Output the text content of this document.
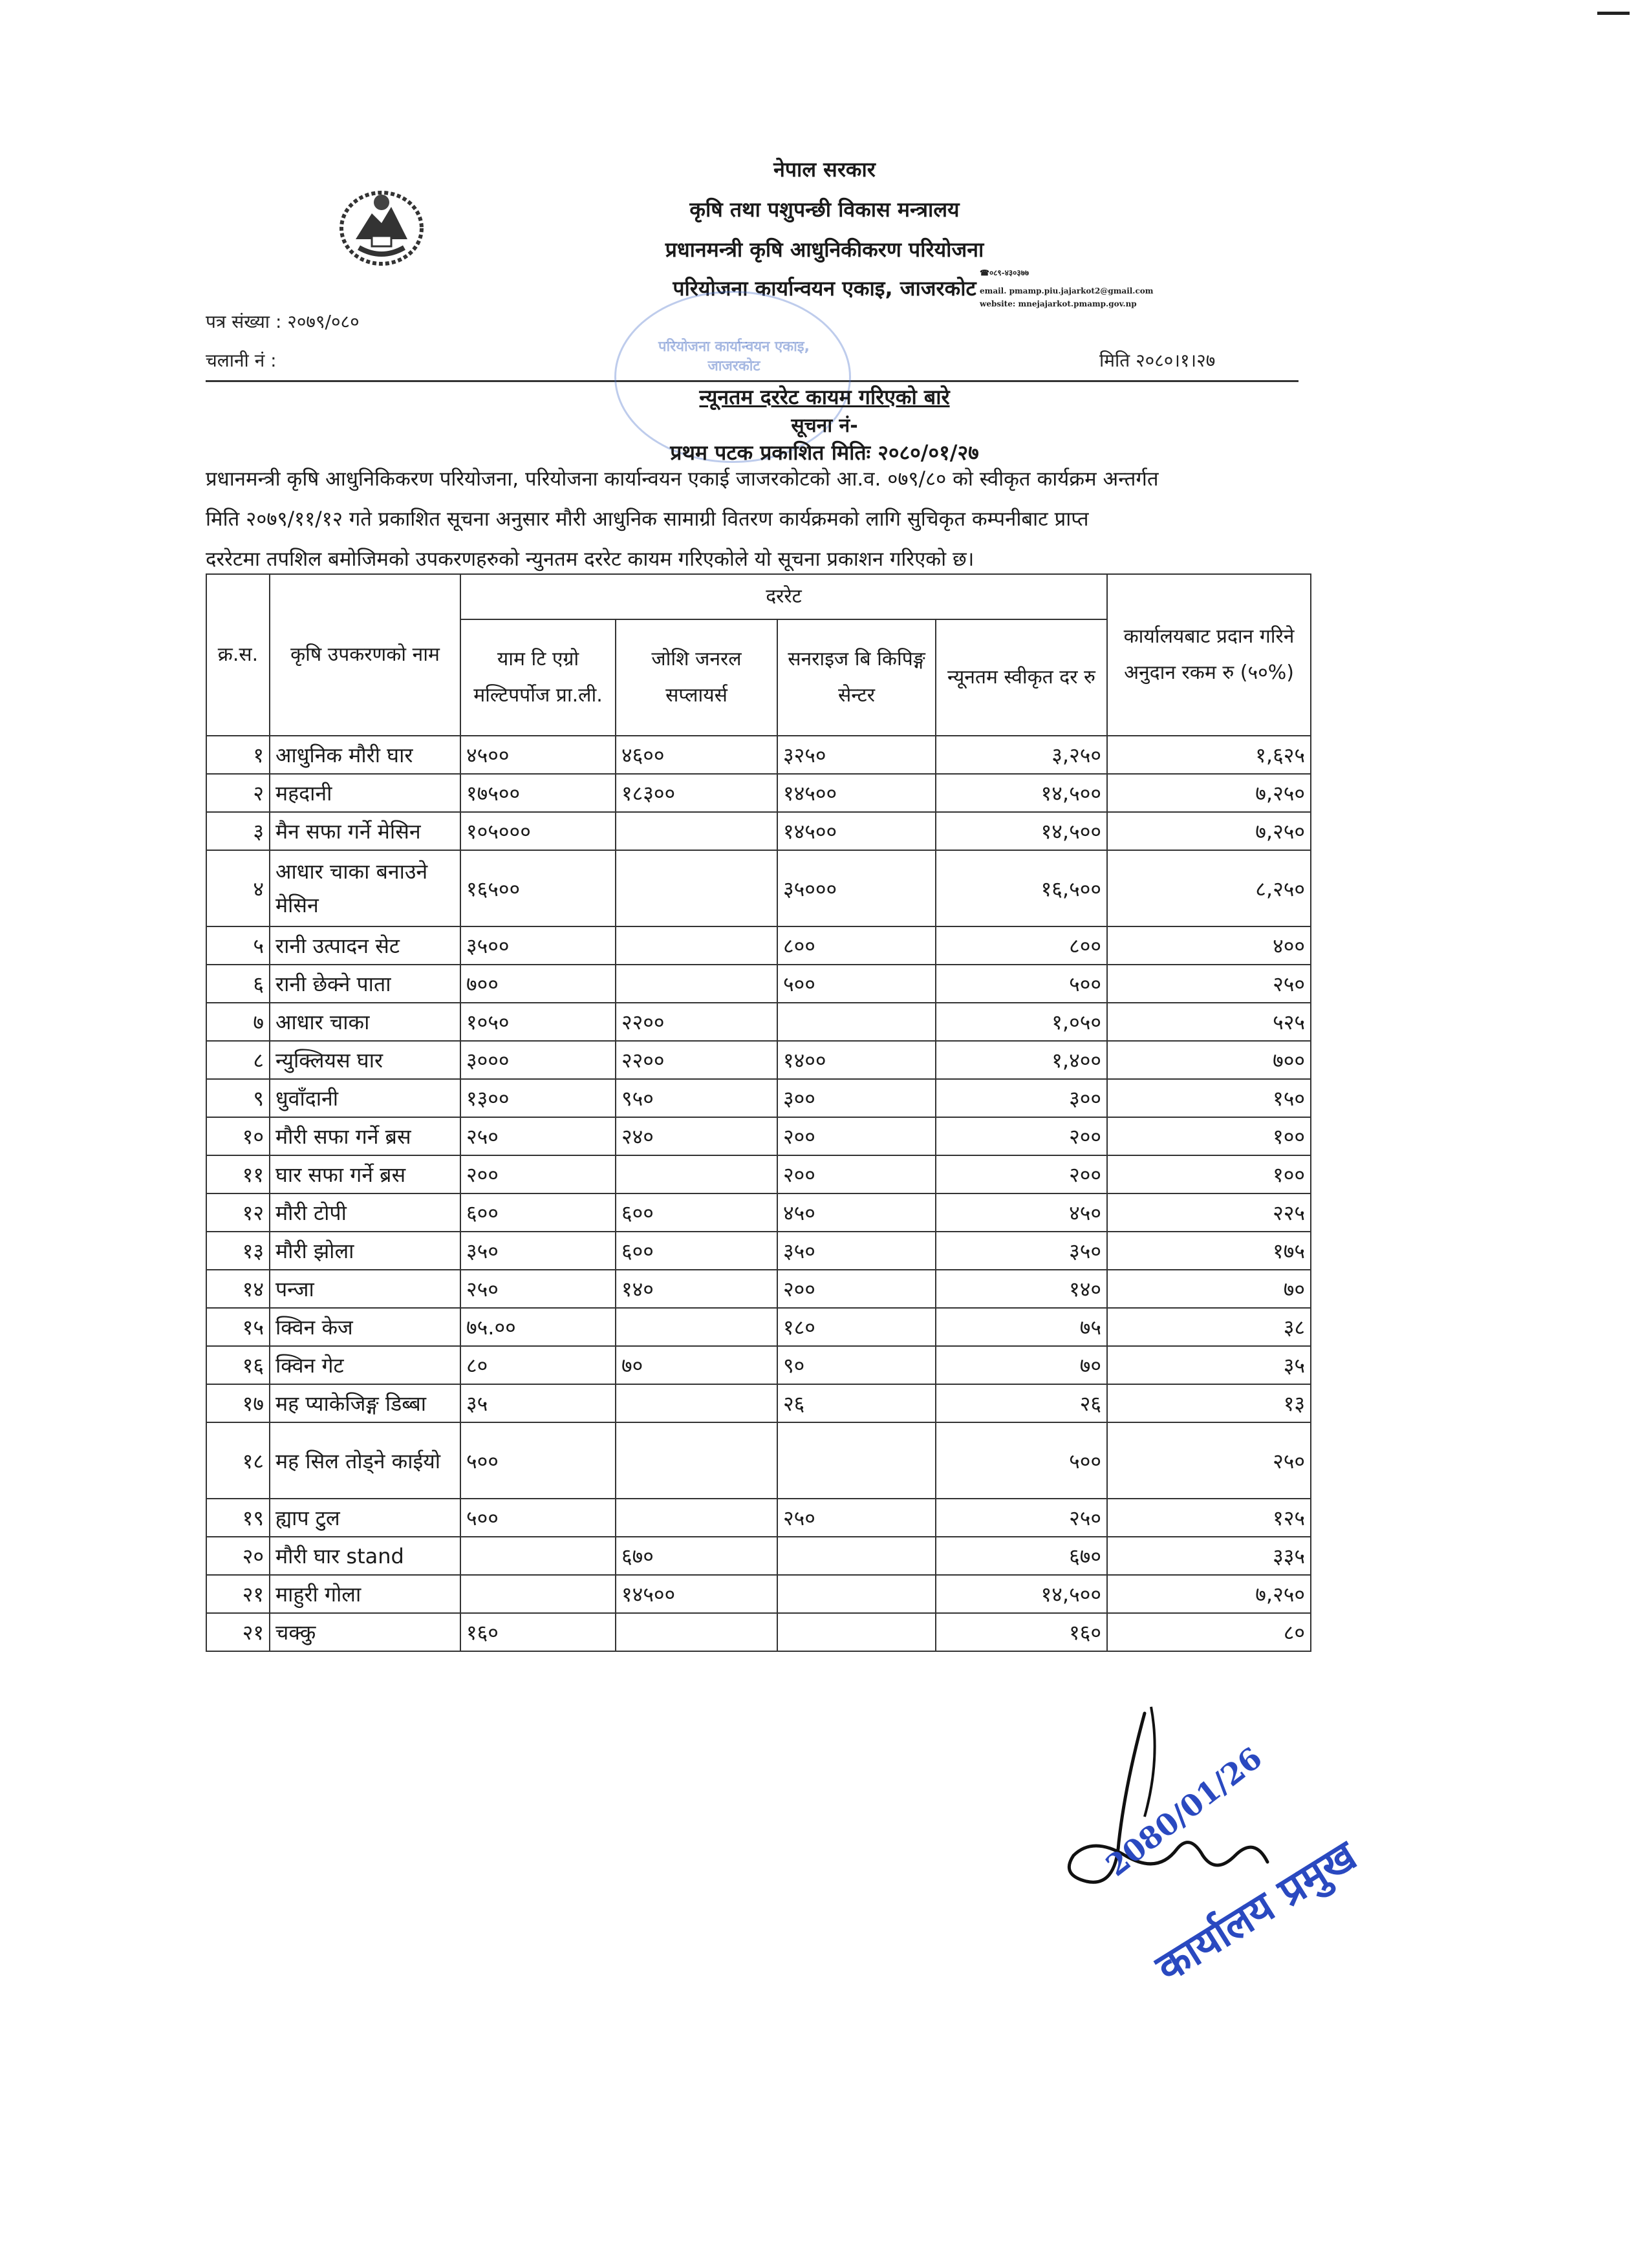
नेपाल सरकार
कृषि तथा पशुपन्छी विकास मन्त्रालय
प्रधानमन्त्री कृषि आधुनिकीकरण परियोजना
परियोजना कार्यान्वयन एकाइ, जाजरकोट
☎०८९-४३०३७७
email. pmamp.piu.jajarkot2@gmail.com
website: mnejajarkot.pmamp.gov.np
पत्र संख्या : २०७९/०८०
चलानी नं :	मिति २०८०।१।२७
परियोजना कार्यान्वयन एकाइ, जाजरकोट
न्यूनतम दररेट कायम गरिएको बारे
सूचना नं-
प्रथम पटक प्रकाशित मितिः २०८०/०१/२७
प्रधानमन्त्री कृषि आधुनिकिकरण परियोजना, परियोजना कार्यान्वयन एकाई जाजरकोटको आ.व. ०७९/८० को स्वीकृत कार्यक्रम अन्तर्गत
मिति २०७९/११/१२ गते प्रकाशित सूचना अनुसार मौरी आधुनिक सामाग्री वितरण कार्यक्रमको लागि सुचिकृत कम्पनीबाट प्राप्त
दररेटमा तपशिल बमोजिमको उपकरणहरुको न्युनतम दररेट कायम गरिएकोले यो सूचना प्रकाशन गरिएको छ।
क्र.स.	कृषि उपकरणको नाम	दररेट				कार्यालयबाट प्रदान गरिने अनुदान रकम रु (५०%)
		याम टि एग्रो मल्टिपर्पोज प्रा.ली.	जोशि जनरल सप्लायर्स	सनराइज बि किपिङ्ग सेन्टर	न्यूनतम स्वीकृत दर रु	
१	आधुनिक मौरी घार	४५००	४६००	३२५०	३,२५०	१,६२५
२	महदानी	१७५००	१८३००	१४५००	१४,५००	७,२५०
३	मैन सफा गर्ने मेसिन	१०५०००		१४५००	१४,५००	७,२५०
४	आधार चाका बनाउने मेसिन	१६५००		३५०००	१६,५००	८,२५०
५	रानी उत्पादन सेट	३५००		८००	८००	४००
६	रानी छेक्ने पाता	७००		५००	५००	२५०
७	आधार चाका	१०५०	२२००		१,०५०	५२५
८	न्युक्लियस घार	३०००	२२००	१४००	१,४००	७००
९	धुवाँदानी	१३००	९५०	३००	३००	१५०
१०	मौरी सफा गर्ने ब्रस	२५०	२४०	२००	२००	१००
११	घार सफा गर्ने ब्रस	२००		२००	२००	१००
१२	मौरी टोपी	६००	६००	४५०	४५०	२२५
१३	मौरी झोला	३५०	६००	३५०	३५०	१७५
१४	पन्जा	२५०	१४०	२००	१४०	७०
१५	क्विन केज	७५.००		१८०	७५	३८
१६	क्विन गेट	८०	७०	९०	७०	३५
१७	मह प्याकेजिङ्ग डिब्बा	३५		२६	२६	१३
१८	मह सिल तोड्ने काईयो	५००			५००	२५०
१९	ह्याप टुल	५००		२५०	२५०	१२५
२०	मौरी घार stand		६७०		६७०	३३५
२१	माहुरी गोला		१४५००		१४,५००	७,२५०
२१	चक्कु	१६०			१६०	८०
2080/01/26
कार्यालय प्रमुख
